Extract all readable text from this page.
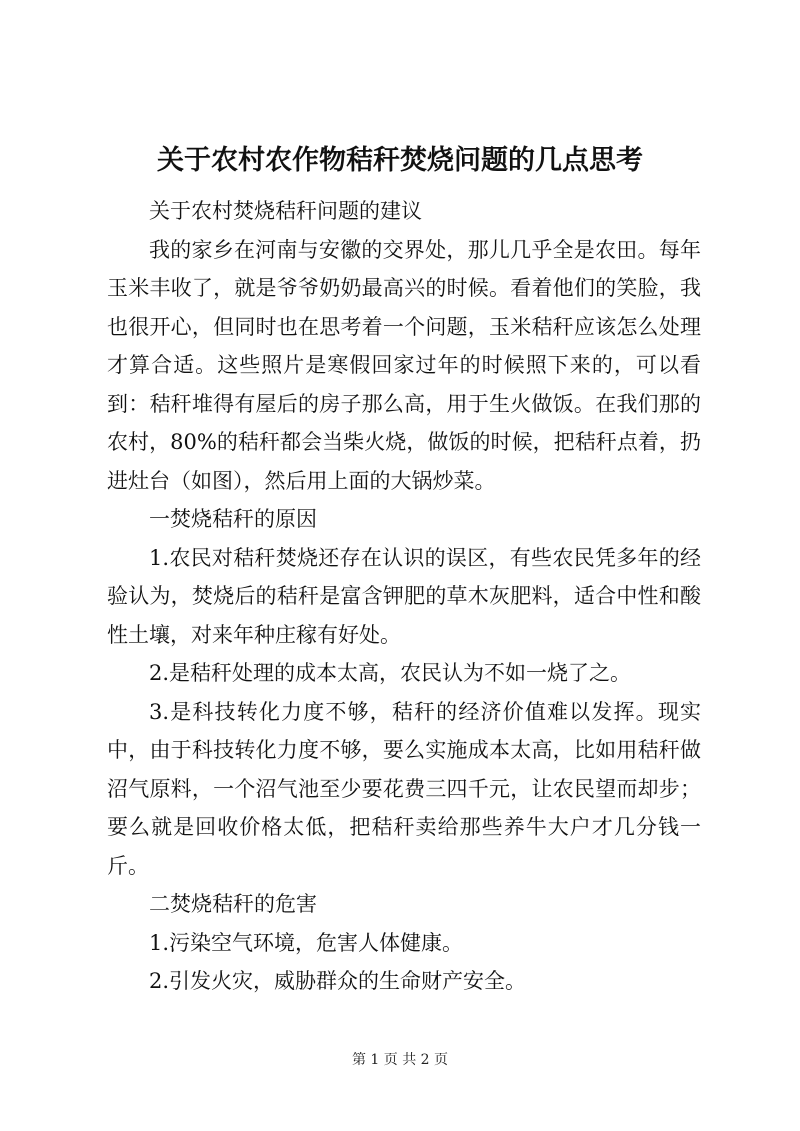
关于农村农作物秸秆焚烧问题的几点思考

关于农村焚烧秸秆问题的建议

我的家乡在河南与安徽的交界处，那儿几乎全是农田。每年玉米丰收了，就是爷爷奶奶最高兴的时候。看着他们的笑脸，我也很开心，但同时也在思考着一个问题，玉米秸秆应该怎么处理才算合适。这些照片是寒假回家过年的时候照下来的，可以看到：秸秆堆得有屋后的房子那么高，用于生火做饭。在我们那的农村，80%的秸秆都会当柴火烧，做饭的时候，把秸秆点着，扔进灶台（如图），然后用上面的大锅炒菜。

一焚烧秸秆的原因

1.农民对秸秆焚烧还存在认识的误区，有些农民凭多年的经验认为，焚烧后的秸秆是富含钾肥的草木灰肥料，适合中性和酸性土壤，对来年种庄稼有好处。

2.是秸秆处理的成本太高，农民认为不如一烧了之。

3.是科技转化力度不够，秸秆的经济价值难以发挥。现实中，由于科技转化力度不够，要么实施成本太高，比如用秸秆做沼气原料，一个沼气池至少要花费三四千元，让农民望而却步；要么就是回收价格太低，把秸秆卖给那些养牛大户才几分钱一斤。

二焚烧秸秆的危害

1.污染空气环境，危害人体健康。

2.引发火灾，威胁群众的生命财产安全。

第 1 页 共 2 页
